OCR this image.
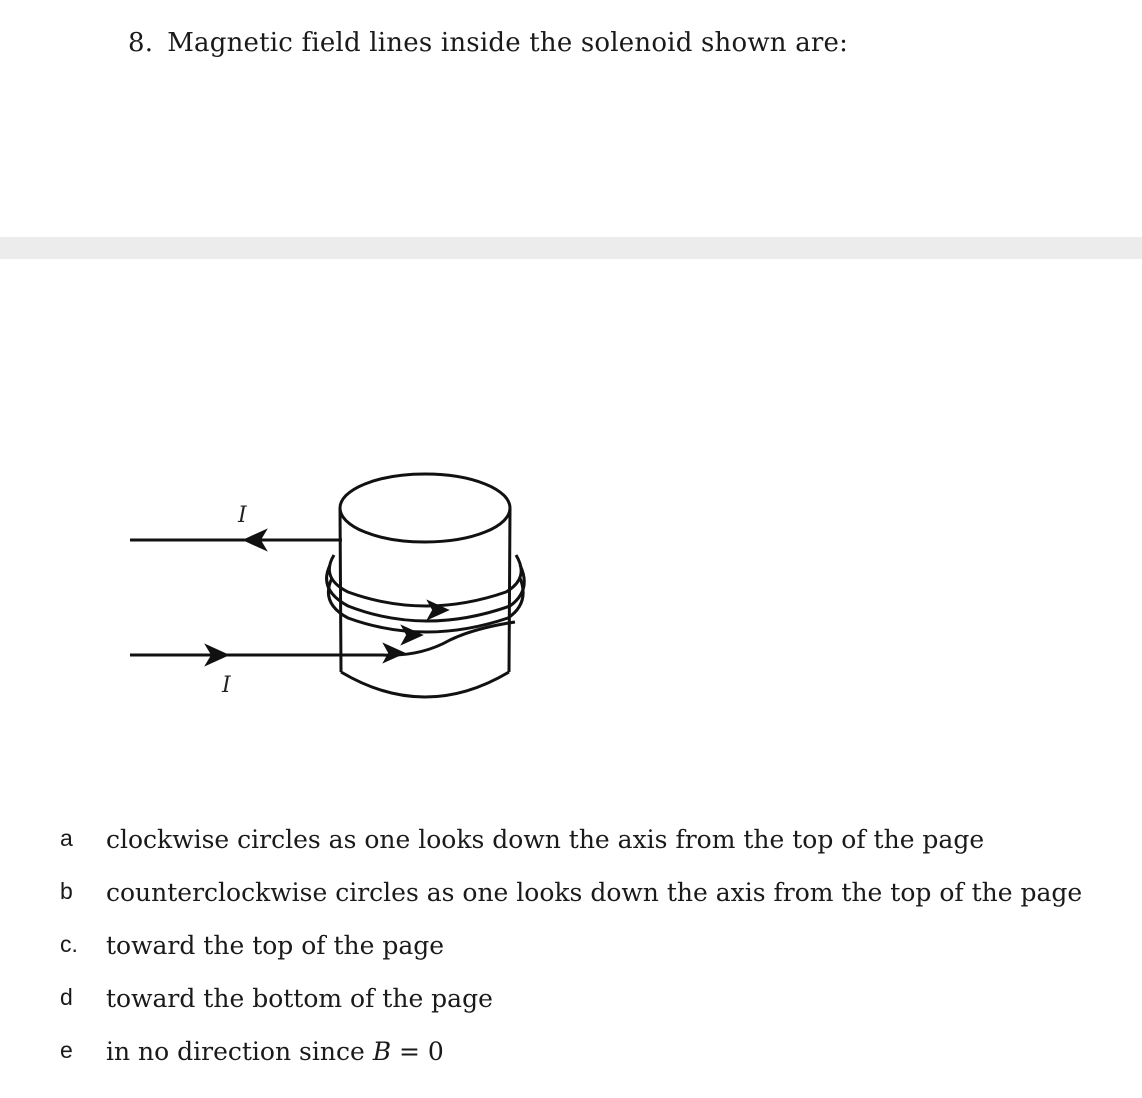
8. Magnetic field lines inside the solenoid shown are:
I
I
a clockwise circles as one looks down the axis from the top of the page
b counterclockwise circles as one looks down the axis from the top of the page
c. toward the top of the page
d toward the bottom of the page
e in no direction since B = 0
